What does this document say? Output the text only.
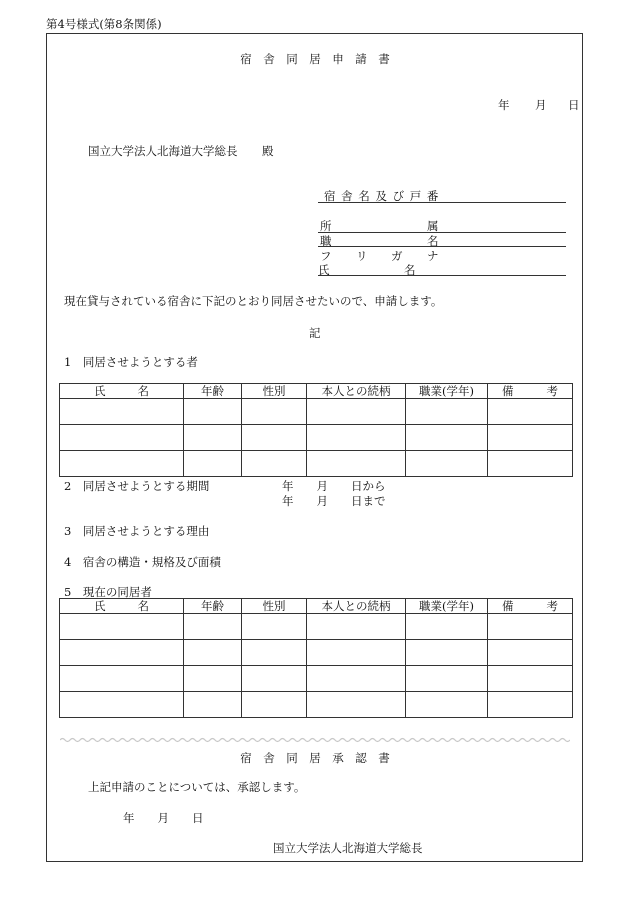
第4号様式(第8条関係)
宿　舎　同　居　申　請　書
年 月 日
国立大学法人北海道大学総長 殿
宿 舎 名 及 び 戸 番
所	属
職	名
フ リ ガ ナ
氏	名
現在貸与されている宿舎に下記のとおり同居させたいので、申請します。
記
1　同居させようとする者
氏 名	年齢	性別	本人との続柄	職業(学年)	備 考

2　同居させようとする期間	年　　月　　日から
年　　月　　日まで
3　同居させようとする理由
4　宿舎の構造・規格及び面積
5　現在の同居者
氏 名	年齢	性別	本人との続柄	職業(学年)	備 考

宿　舎　同　居　承　認　書
上記申請のことについては、承認します。
年　　月　　日
国立大学法人北海道大学総長
